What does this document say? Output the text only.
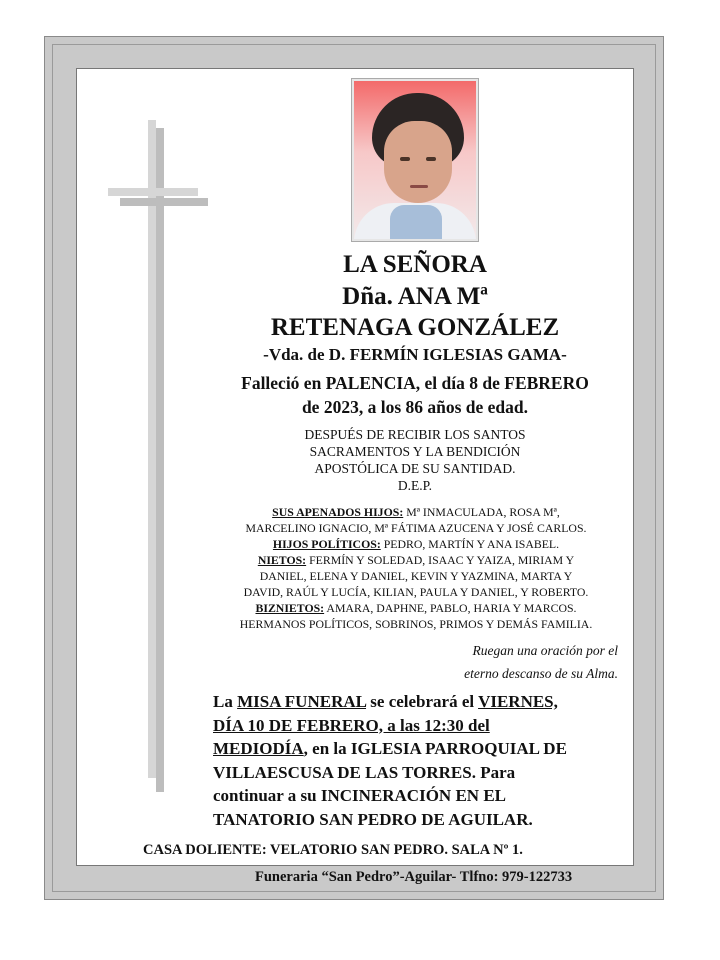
LA SEÑORA
Dña. ANA Mª
RETENAGA GONZÁLEZ
-Vda. de D. FERMÍN IGLESIAS GAMA-
Falleció en PALENCIA, el día 8 de FEBRERO
de 2023, a los 86 años de edad.
DESPUÉS DE RECIBIR LOS SANTOS
SACRAMENTOS Y LA BENDICIÓN
APOSTÓLICA DE SU SANTIDAD.
D.E.P.
SUS APENADOS HIJOS: Mª INMACULADA, ROSA Mª,
MARCELINO IGNACIO, Mª FÁTIMA AZUCENA Y JOSÉ CARLOS.
HIJOS POLÍTICOS: PEDRO, MARTÍN Y ANA ISABEL.
NIETOS: FERMÍN Y SOLEDAD, ISAAC Y YAIZA, MIRIAM Y
DANIEL, ELENA Y DANIEL, KEVIN Y YAZMINA, MARTA Y
DAVID, RAÚL Y LUCÍA, KILIAN, PAULA Y DANIEL, Y ROBERTO.
BIZNIETOS: AMARA, DAPHNE, PABLO, HARIA Y MARCOS.
HERMANOS POLÍTICOS, SOBRINOS, PRIMOS Y DEMÁS FAMILIA.
Ruegan una oración por el
eterno descanso de su Alma.
La MISA FUNERAL se celebrará el VIERNES,
DÍA 10 DE FEBRERO, a las 12:30 del
MEDIODÍA, en la IGLESIA PARROQUIAL DE
VILLAESCUSA DE LAS TORRES. Para
continuar a su INCINERACIÓN EN EL
TANATORIO SAN PEDRO DE AGUILAR.
CASA DOLIENTE: VELATORIO SAN PEDRO. SALA Nº 1.
Funeraria “San Pedro”-Aguilar- Tlfno: 979-122733
